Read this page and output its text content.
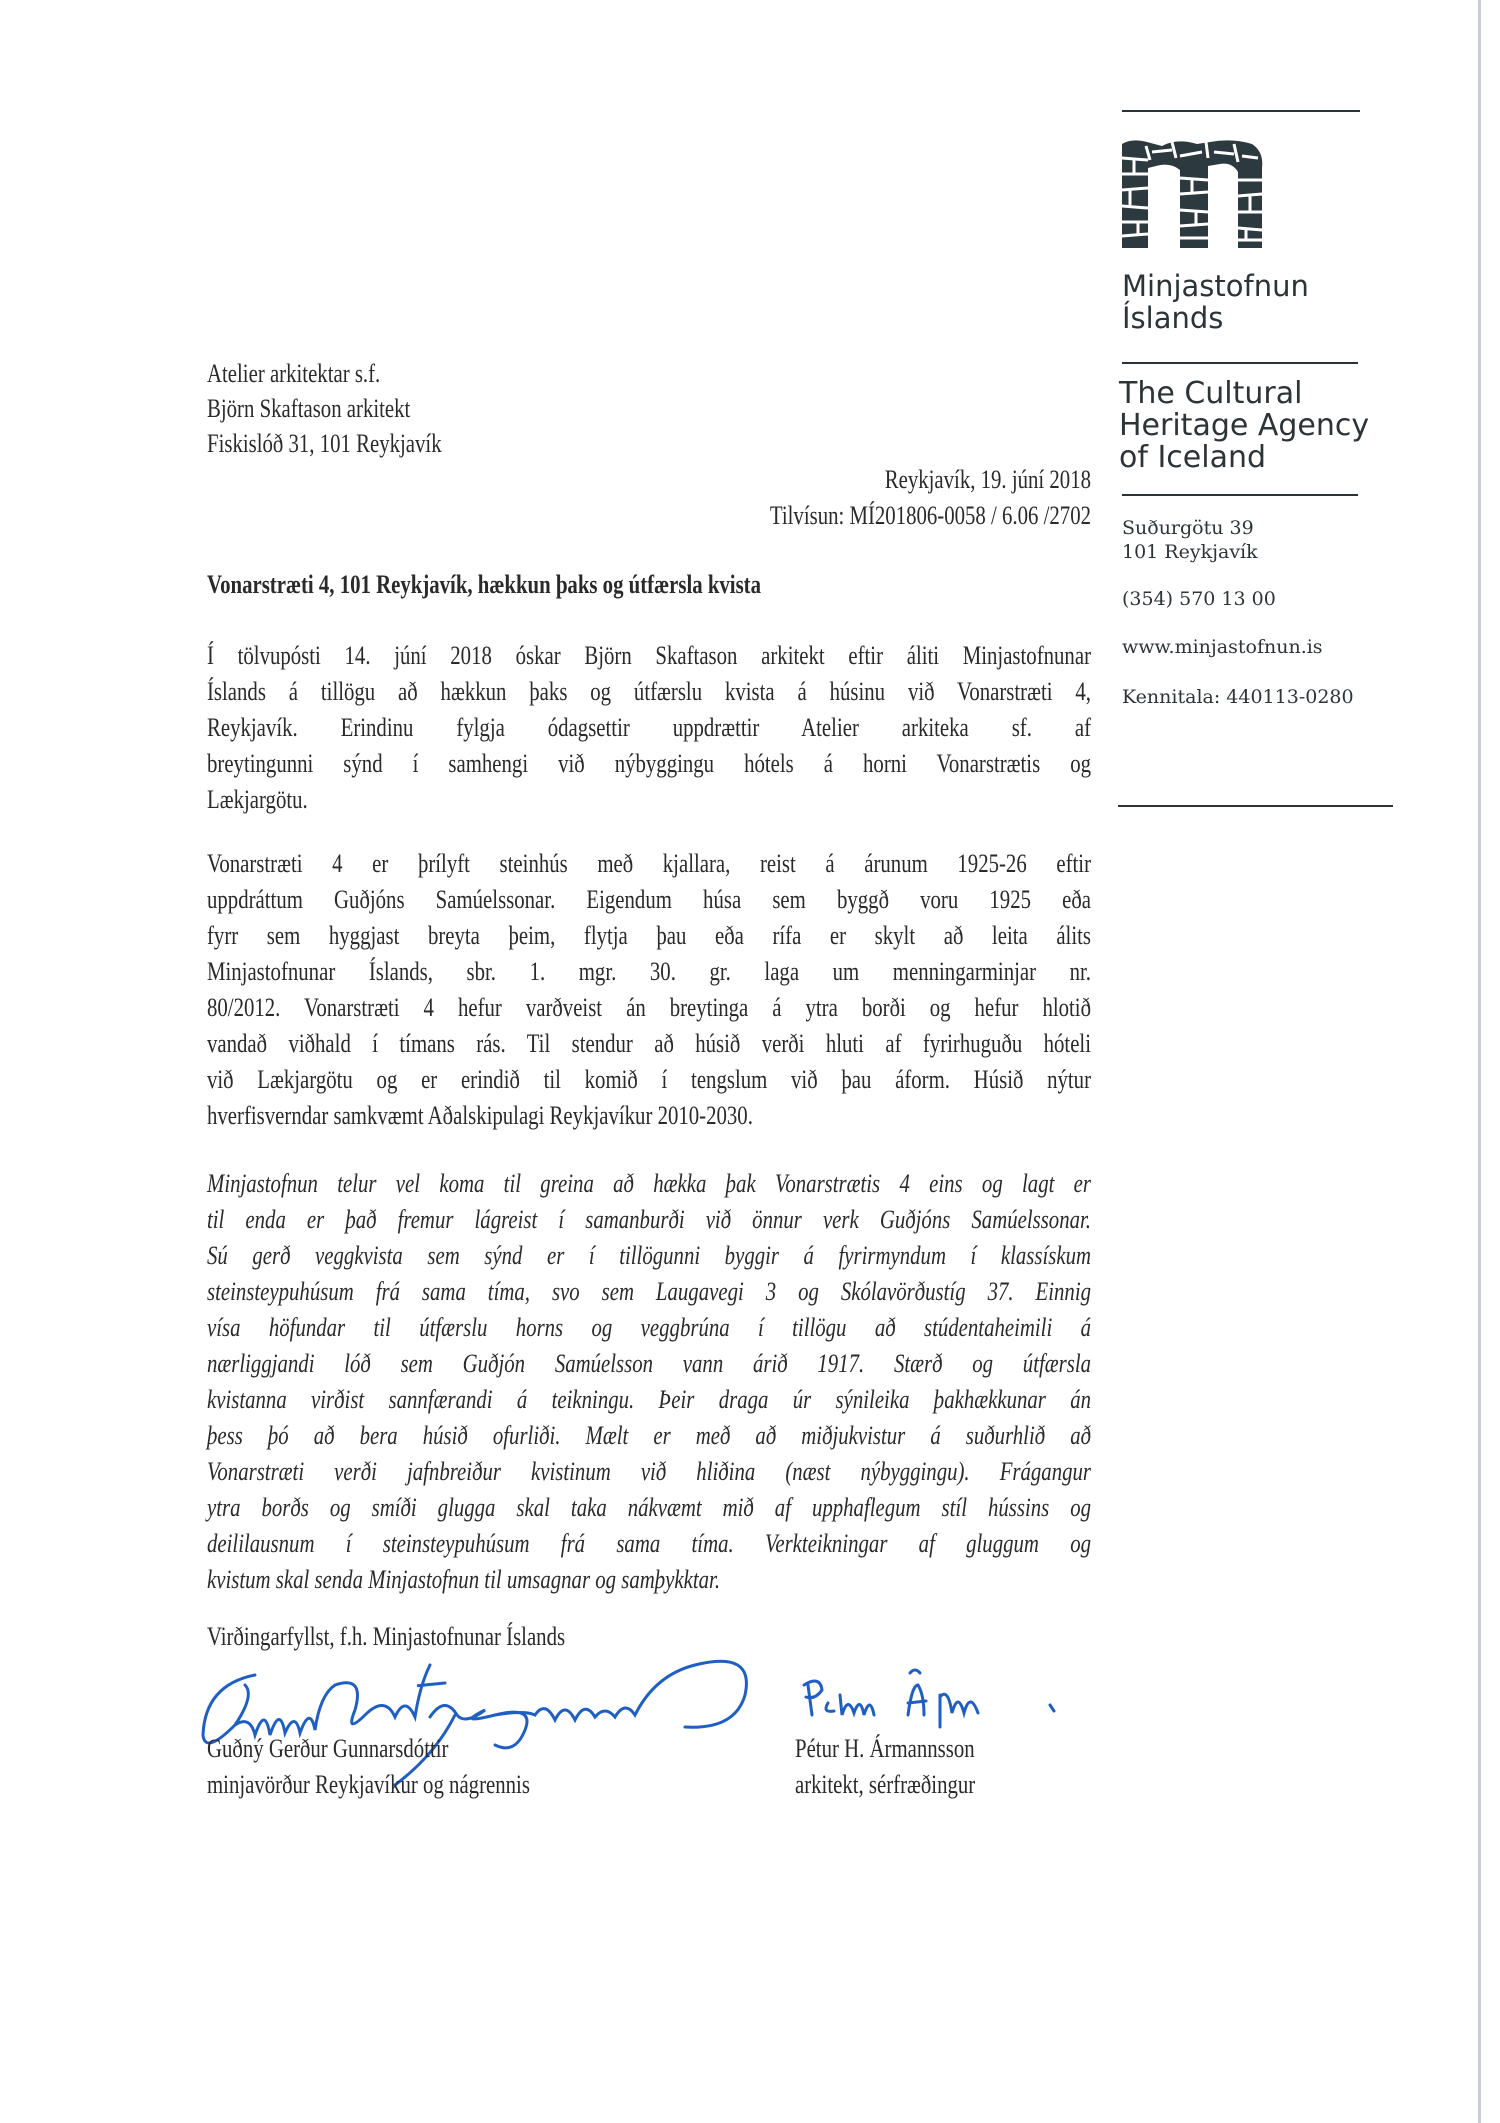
Minjastofnun
Íslands
The Cultural
Heritage Agency
of Iceland
Suðurgötu 39
101 Reykjavík
(354) 570 13 00
www.minjastofnun.is
Kennitala: 440113-0280
Atelier arkitektar s.f.
Björn Skaftason arkitekt
Fiskislóð 31, 101 Reykjavík
Reykjavík, 19. júní 2018
Tilvísun: MÍ201806-0058 / 6.06 /2702
Vonarstræti 4, 101 Reykjavík, hækkun þaks og útfærsla kvista
Í tölvupósti 14. júní 2018 óskar Björn Skaftason arkitekt eftir áliti Minjastofnunar
Íslands á tillögu að hækkun þaks og útfærslu kvista á húsinu við Vonarstræti 4,
Reykjavík. Erindinu fylgja ódagsettir uppdrættir Atelier arkiteka sf. af
breytingunni sýnd í samhengi við nýbyggingu hótels á horni Vonarstrætis og
Lækjargötu.
Vonarstræti 4 er þrílyft steinhús með kjallara, reist á árunum 1925-26 eftir
uppdráttum Guðjóns Samúelssonar. Eigendum húsa sem byggð voru 1925 eða
fyrr sem hyggjast breyta þeim, flytja þau eða rífa er skylt að leita álits
Minjastofnunar Íslands, sbr. 1. mgr. 30. gr. laga um menningarminjar nr.
80/2012. Vonarstræti 4 hefur varðveist án breytinga á ytra borði og hefur hlotið
vandað viðhald í tímans rás. Til stendur að húsið verði hluti af fyrirhuguðu hóteli
við Lækjargötu og er erindið til komið í tengslum við þau áform. Húsið nýtur
hverfisverndar samkvæmt Aðalskipulagi Reykjavíkur 2010-2030.
Minjastofnun telur vel koma til greina að hækka þak Vonarstrætis 4 eins og lagt er
til enda er það fremur lágreist í samanburði við önnur verk Guðjóns Samúelssonar.
Sú gerð veggkvista sem sýnd er í tillögunni byggir á fyrirmyndum í klassískum
steinsteypuhúsum frá sama tíma, svo sem Laugavegi 3 og Skólavörðustíg 37. Einnig
vísa höfundar til útfærslu horns og veggbrúna í tillögu að stúdentaheimili á
nærliggjandi lóð sem Guðjón Samúelsson vann árið 1917. Stærð og útfærsla
kvistanna virðist sannfærandi á teikningu. Þeir draga úr sýnileika þakhækkunar án
þess þó að bera húsið ofurliði. Mælt er með að miðjukvistur á suðurhlið að
Vonarstræti verði jafnbreiður kvistinum við hliðina (næst nýbyggingu). Frágangur
ytra borðs og smíði glugga skal taka nákvæmt mið af upphaflegum stíl hússins og
deililausnum í steinsteypuhúsum frá sama tíma. Verkteikningar af gluggum og
kvistum skal senda Minjastofnun til umsagnar og samþykktar.
Virðingarfyllst, f.h. Minjastofnunar Íslands
Guðný Gerður Gunnarsdóttir
minjavörður Reykjavíkur og nágrennis
Pétur H. Ármannsson
arkitekt, sérfræðingur
